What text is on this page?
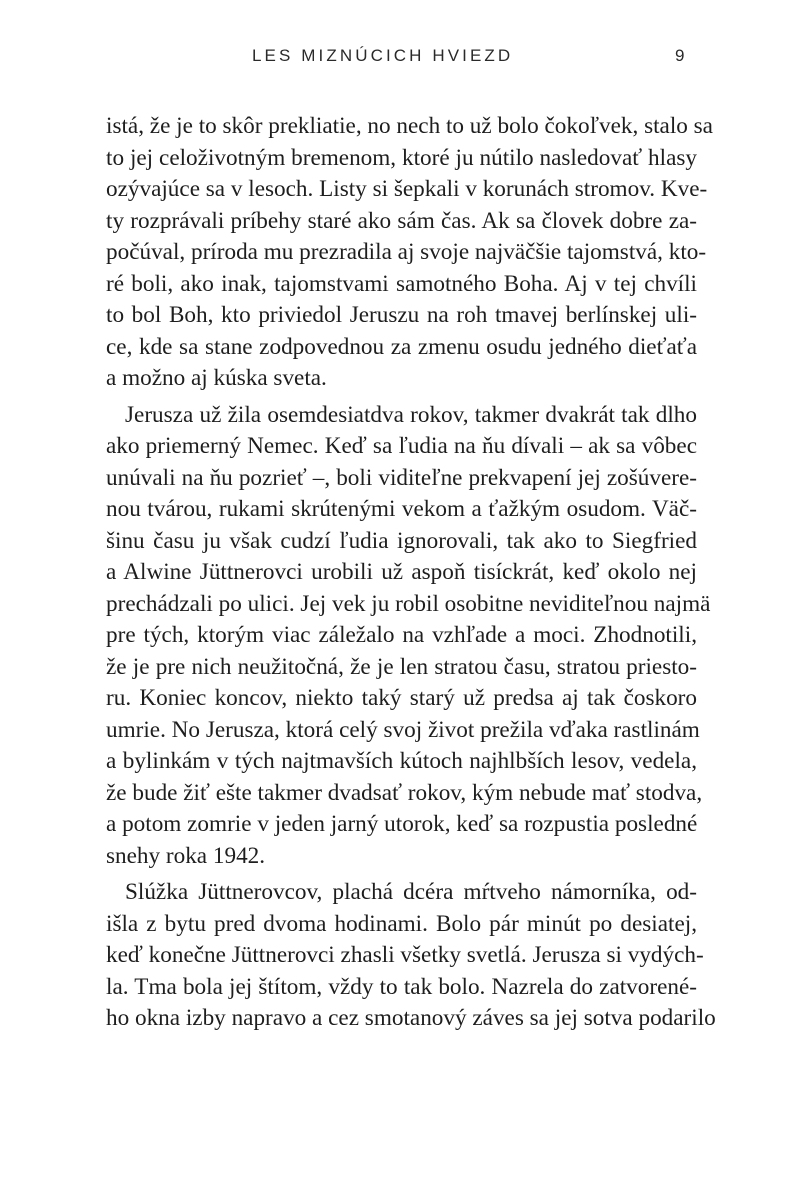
LES MIZNÚCICH HVIEZD	9
istá, že je to skôr prekliatie, no nech to už bolo čokoľvek, stalo sa
to jej celoživotným bremenom, ktoré ju nútilo nasledovať hlasy
ozývajúce sa v lesoch. Listy si šepkali v korunách stromov. Kve-
ty rozprávali príbehy staré ako sám čas. Ak sa človek dobre za-
počúval, príroda mu prezradila aj svoje najväčšie tajomstvá, kto-
ré boli, ako inak, tajomstvami samotného Boha. Aj v tej chvíli
to bol Boh, kto priviedol Jeruszu na roh tmavej berlínskej uli-
ce, kde sa stane zodpovednou za zmenu osudu jedného dieťaťa
a možno aj kúska sveta.
Jerusza už žila osemdesiatdva rokov, takmer dvakrát tak dlho
ako priemerný Nemec. Keď sa ľudia na ňu dívali – ak sa vôbec
unúvali na ňu pozrieť –, boli viditeľne prekvapení jej zošúvere-
nou tvárou, rukami skrútenými vekom a ťažkým osudom. Väč-
šinu času ju však cudzí ľudia ignorovali, tak ako to Siegfried
a Alwine Jüttnerovci urobili už aspoň tisíckrát, keď okolo nej
prechádzali po ulici. Jej vek ju robil osobitne neviditeľnou najmä
pre tých, ktorým viac záležalo na vzhľade a moci. Zhodnotili,
že je pre nich neužitočná, že je len stratou času, stratou priesto-
ru. Koniec koncov, niekto taký starý už predsa aj tak čoskoro
umrie. No Jerusza, ktorá celý svoj život prežila vďaka rastlinám
a bylinkám v tých najtmavších kútoch najhlbších lesov, vedela,
že bude žiť ešte takmer dvadsať rokov, kým nebude mať stodva,
a potom zomrie v jeden jarný utorok, keď sa rozpustia posledné
snehy roka 1942.
Slúžka Jüttnerovcov, plachá dcéra mŕtveho námorníka, od-
išla z bytu pred dvoma hodinami. Bolo pár minút po desiatej,
keď konečne Jüttnerovci zhasli všetky svetlá. Jerusza si vydých-
la. Tma bola jej štítom, vždy to tak bolo. Nazrela do zatvorené-
ho okna izby napravo a cez smotanový záves sa jej sotva podarilo
